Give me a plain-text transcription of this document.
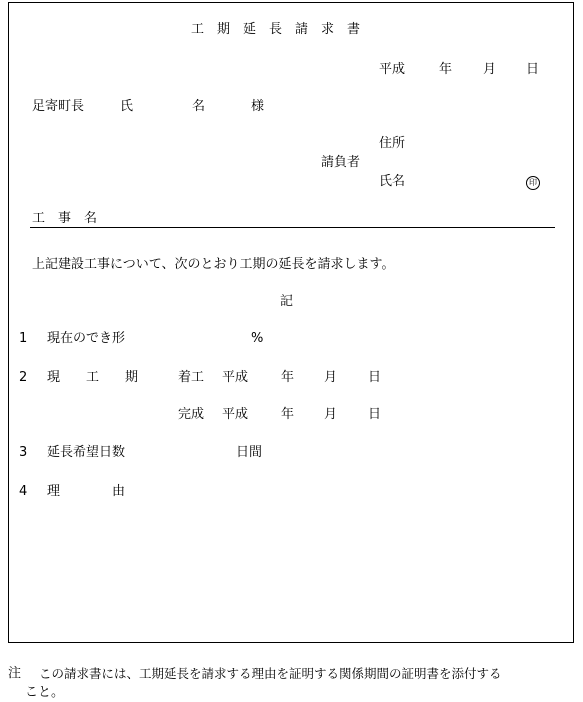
工　期　延　長　請　求　書
平成	年 月 日
足寄町長	氏	名	様
住所
請負者
氏名	印
工　事　名
上記建設工事について、次のとおり工期の延長を請求します。
記
1 現在のでき形	%
2 現　　工　　期	着工 平成	年 月 日
完成 平成	年 月 日
3 延長希望日数	日間
4 理　　　　由
注 この請求書には、工期延長を請求する理由を証明する関係期間の証明書を添付する
こと。
